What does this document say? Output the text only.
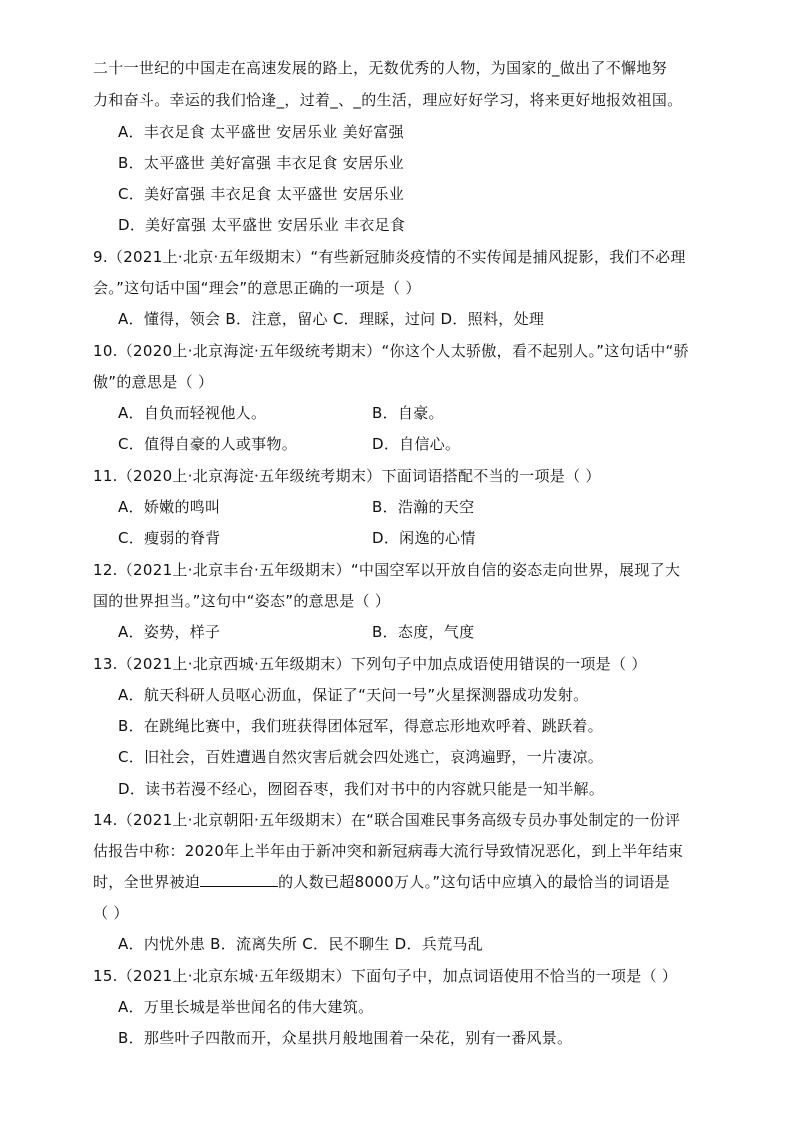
二十一世纪的中国走在高速发展的路上，无数优秀的人物，为国家的_做出了不懈地努
力和奋斗。幸运的我们恰逢_，过着_、_的生活，理应好好学习，将来更好地报效祖国。
A．丰衣足食 太平盛世 安居乐业 美好富强
B．太平盛世 美好富强 丰衣足食 安居乐业
C．美好富强 丰衣足食 太平盛世 安居乐业
D．美好富强 太平盛世 安居乐业 丰衣足食
9.（2021上·北京·五年级期末）“有些新冠肺炎疫情的不实传闻是捕风捉影，我们不必理
会。”这句话中国“理会”的意思正确的一项是（ ）
A．懂得，领会 B．注意，留心 C．理睬，过问 D．照料，处理
10.（2020上·北京海淀·五年级统考期末）“你这个人太骄傲，看不起别人。”这句话中“骄
傲”的意思是（ ）
A．自负而轻视他人。	B．自豪。
C．值得自豪的人或事物。	D．自信心。
11.（2020上·北京海淀·五年级统考期末）下面词语搭配不当的一项是（ ）
A．娇嫩的鸣叫	B．浩瀚的天空
C．瘦弱的脊背	D．闲逸的心情
12.（2021上·北京丰台·五年级期末）“中国空军以开放自信的姿态走向世界，展现了大
国的世界担当。”这句中“姿态”的意思是（ ）
A．姿势，样子	B．态度，气度
13.（2021上·北京西城·五年级期末）下列句子中加点成语使用错误的一项是（ ）
A．航天科研人员呕心沥血，保证了“天问一号”火星探测器成功发射。
B．在跳绳比赛中，我们班获得团体冠军，得意忘形地欢呼着、跳跃着。
C．旧社会，百姓遭遇自然灾害后就会四处逃亡，哀鸿遍野，一片凄凉。
D．读书若漫不经心，囫囵吞枣，我们对书中的内容就只能是一知半解。
14.（2021上·北京朝阳·五年级期末）在“联合国难民事务高级专员办事处制定的一份评
估报告中称：2020年上半年由于新冲突和新冠病毒大流行导致情况恶化，到上半年结束
时，全世界被迫	的人数已超8000万人。”这句话中应填入的最恰当的词语是
（ ）
A．内忧外患 B．流离失所 C．民不聊生 D．兵荒马乱
15.（2021上·北京东城·五年级期末）下面句子中，加点词语使用不恰当的一项是（ ）
A．万里长城是举世闻名的伟大建筑。
B．那些叶子四散而开，众星拱月般地围着一朵花，别有一番风景。
